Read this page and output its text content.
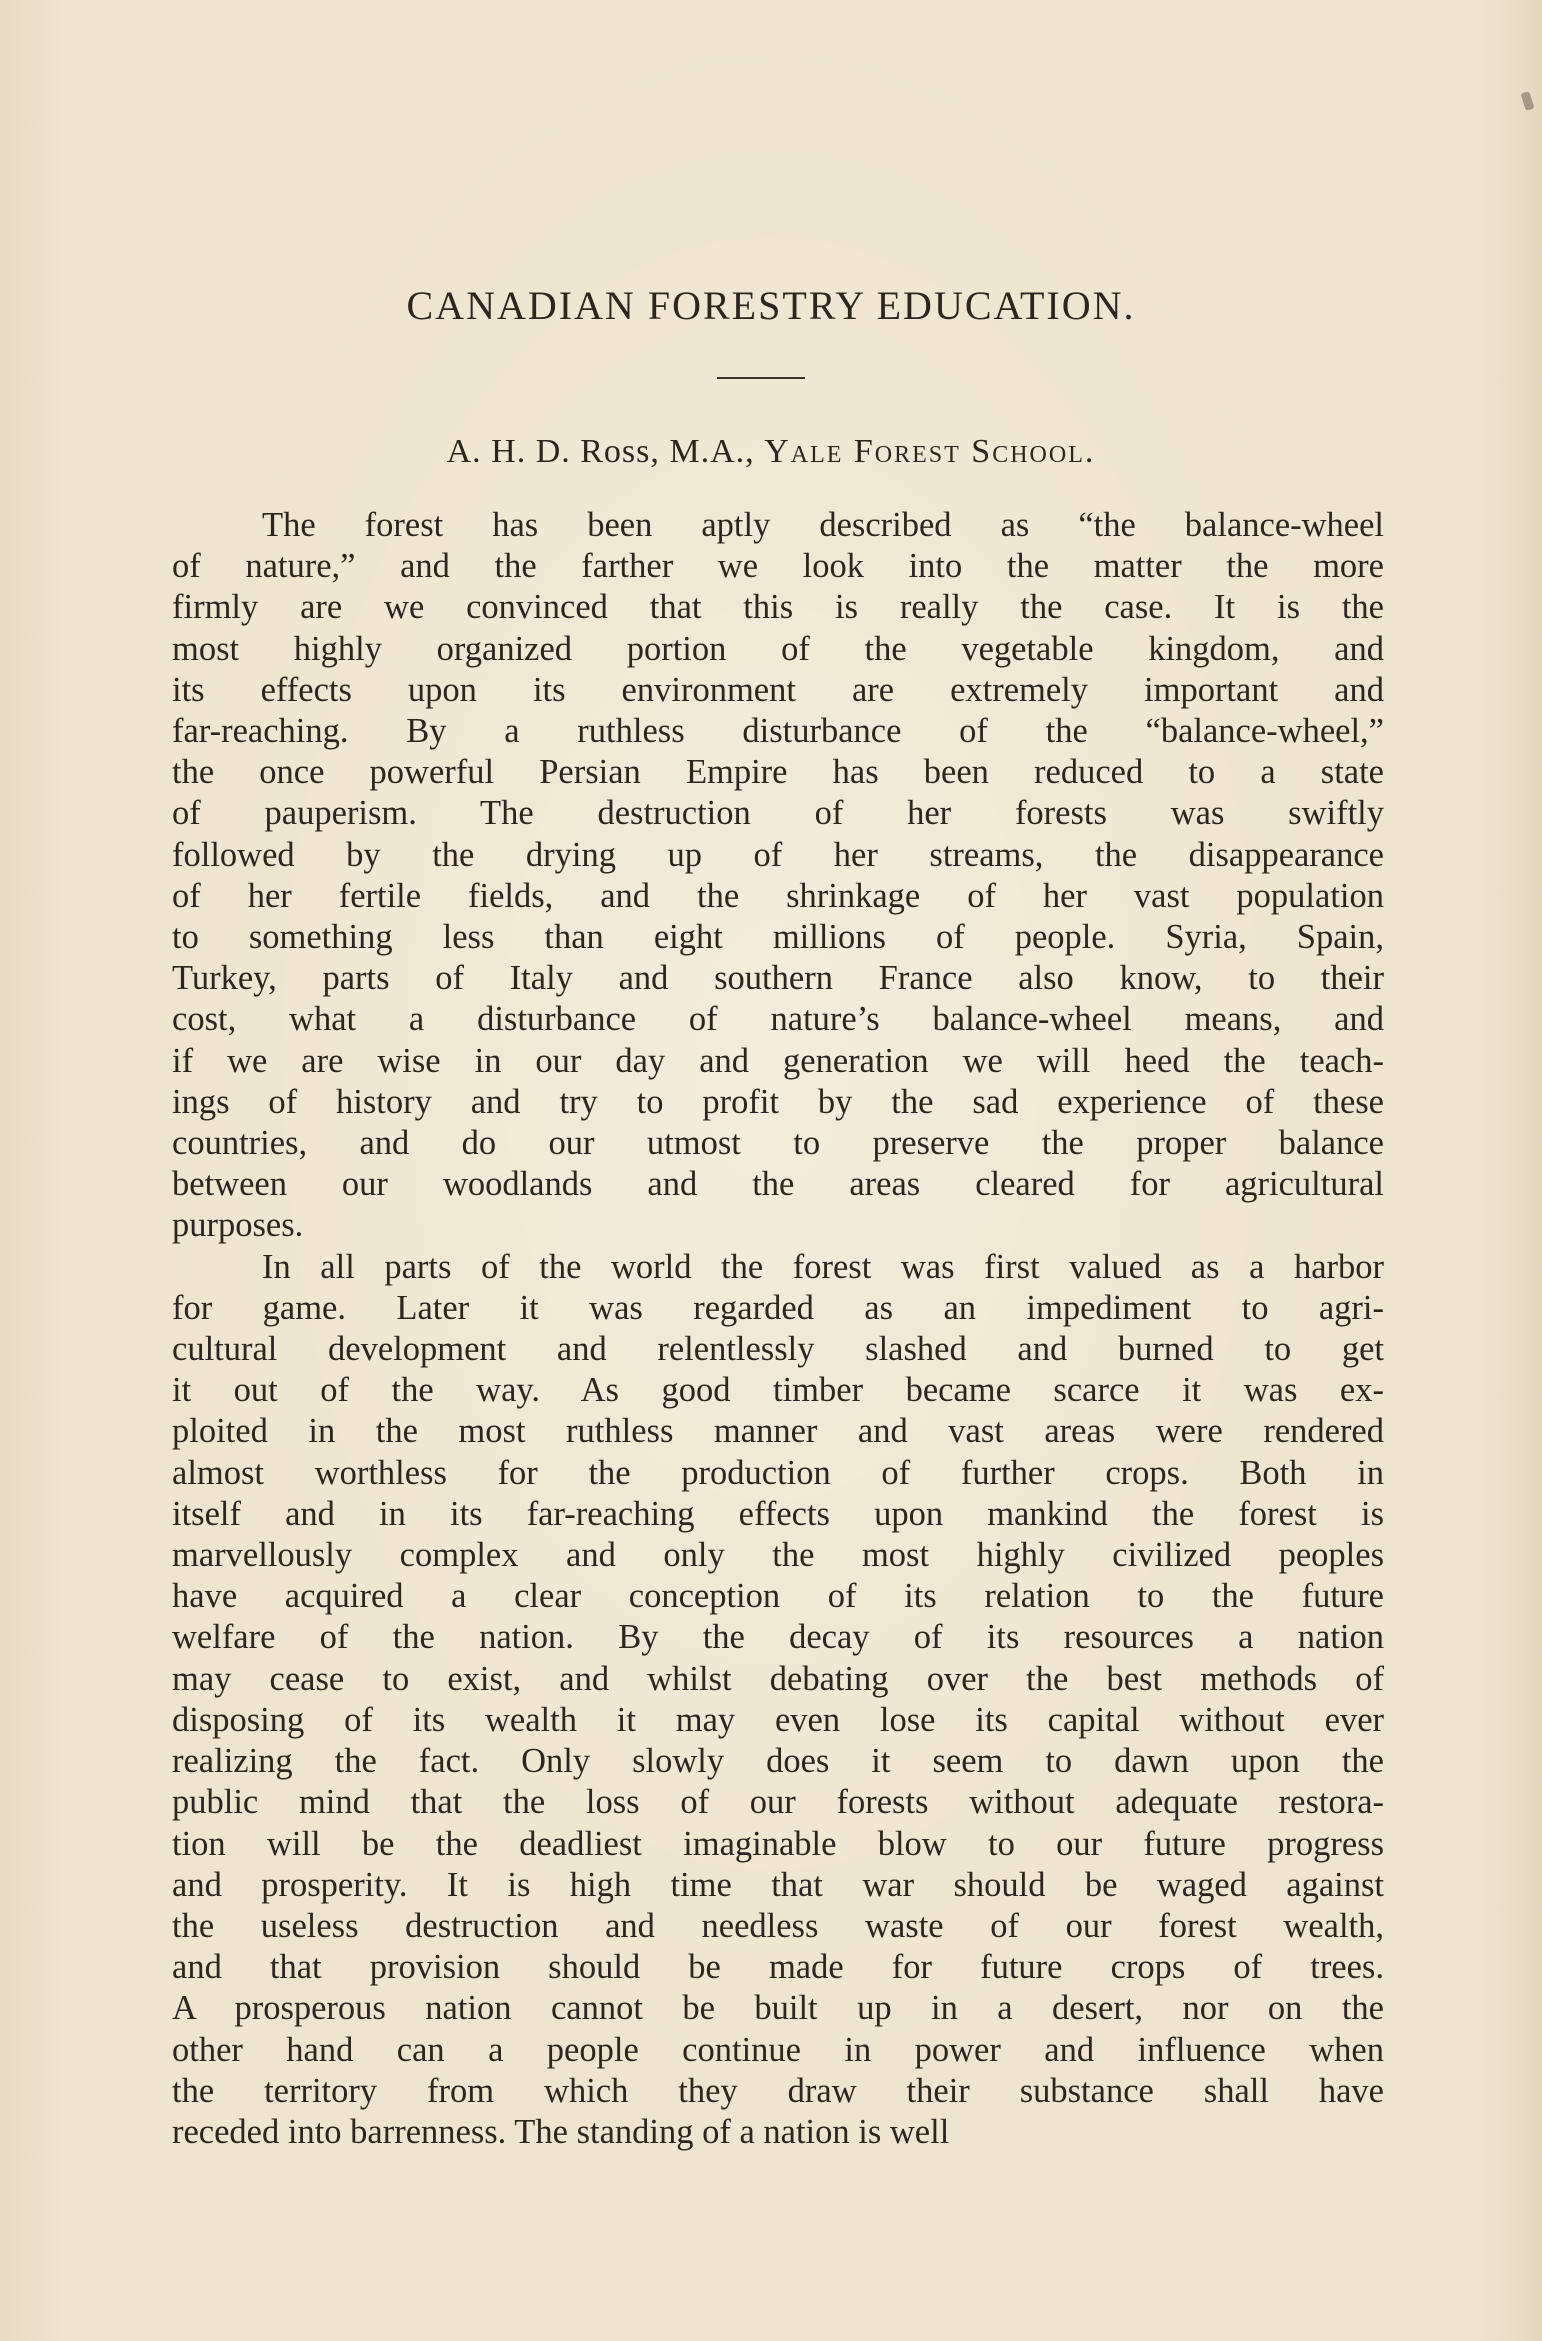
CANADIAN FORESTRY EDUCATION.

A. H. D. Ross, M.A., Yale Forest School.

The forest has been aptly described as “the balance-wheel
of nature,” and the farther we look into the matter the more
firmly are we convinced that this is really the case. It is the
most highly organized portion of the vegetable kingdom, and
its effects upon its environment are extremely important and
far-reaching. By a ruthless disturbance of the “balance-wheel,”
the once powerful Persian Empire has been reduced to a state
of pauperism. The destruction of her forests was swiftly
followed by the drying up of her streams, the disappearance
of her fertile fields, and the shrinkage of her vast population
to something less than eight millions of people. Syria, Spain,
Turkey, parts of Italy and southern France also know, to their
cost, what a disturbance of nature’s balance-wheel means, and
if we are wise in our day and generation we will heed the teach-
ings of history and try to profit by the sad experience of these
countries, and do our utmost to preserve the proper balance
between our woodlands and the areas cleared for agricultural
purposes.

In all parts of the world the forest was first valued as a harbor
for game. Later it was regarded as an impediment to agri-
cultural development and relentlessly slashed and burned to get
it out of the way. As good timber became scarce it was ex-
ploited in the most ruthless manner and vast areas were rendered
almost worthless for the production of further crops. Both in
itself and in its far-reaching effects upon mankind the forest is
marvellously complex and only the most highly civilized peoples
have acquired a clear conception of its relation to the future
welfare of the nation. By the decay of its resources a nation
may cease to exist, and whilst debating over the best methods of
disposing of its wealth it may even lose its capital without ever
realizing the fact. Only slowly does it seem to dawn upon the
public mind that the loss of our forests without adequate restora-
tion will be the deadliest imaginable blow to our future progress
and prosperity. It is high time that war should be waged against
the useless destruction and needless waste of our forest wealth,
and that provision should be made for future crops of trees.
A prosperous nation cannot be built up in a desert, nor on the
other hand can a people continue in power and influence when
the territory from which they draw their substance shall have
receded into barrenness. The standing of a nation is well
